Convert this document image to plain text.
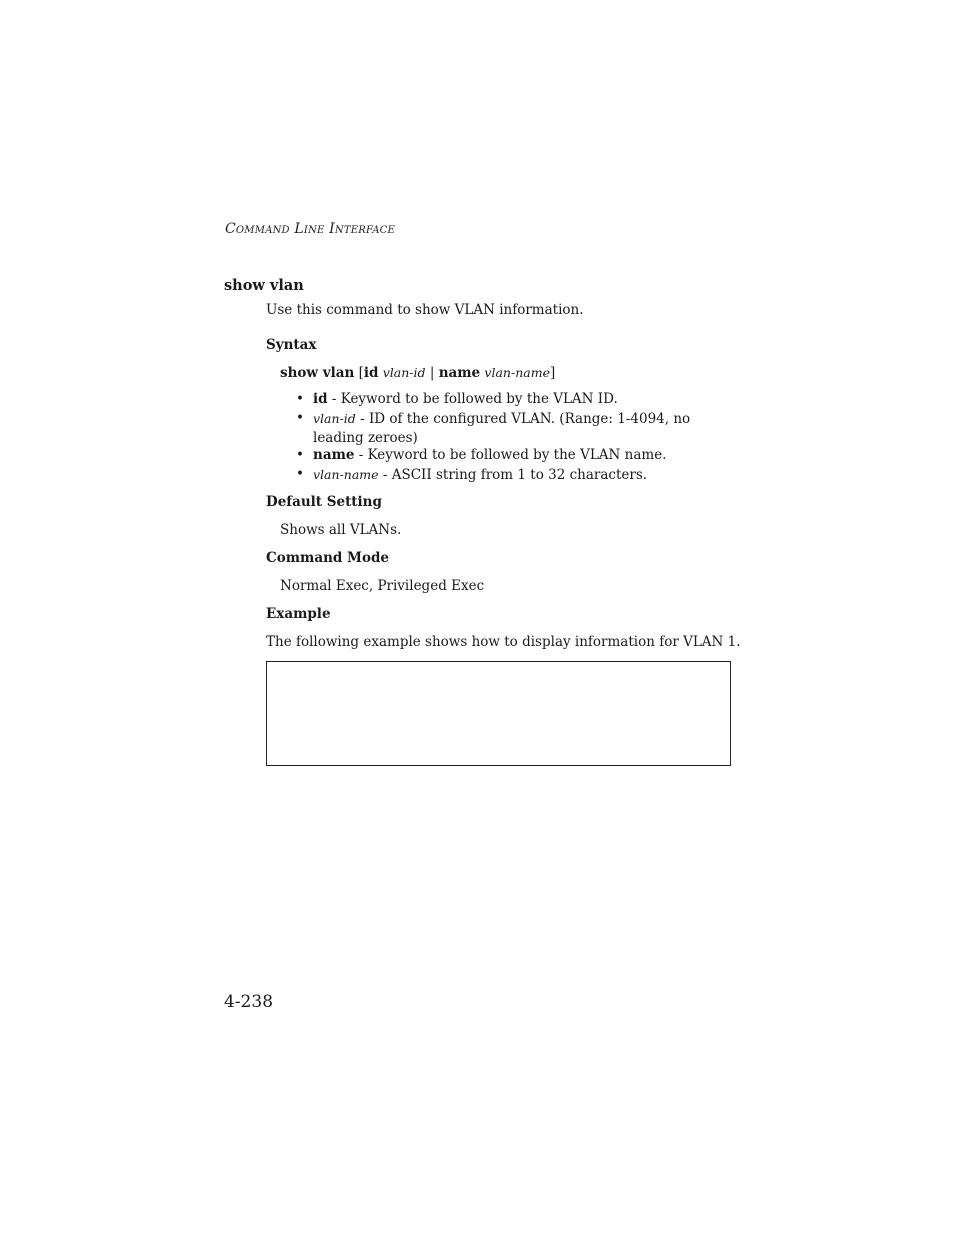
Command Line Interface
show vlan
Use this command to show VLAN information.
Syntax
show vlan [id vlan-id | name vlan-name]
• id - Keyword to be followed by the VLAN ID.
• vlan-id - ID of the configured VLAN. (Range: 1-4094, no leading zeroes)
• name - Keyword to be followed by the VLAN name.
• vlan-name - ASCII string from 1 to 32 characters.
Default Setting
Shows all VLANs.
Command Mode
Normal Exec, Privileged Exec
Example
The following example shows how to display information for VLAN 1.
4-238
